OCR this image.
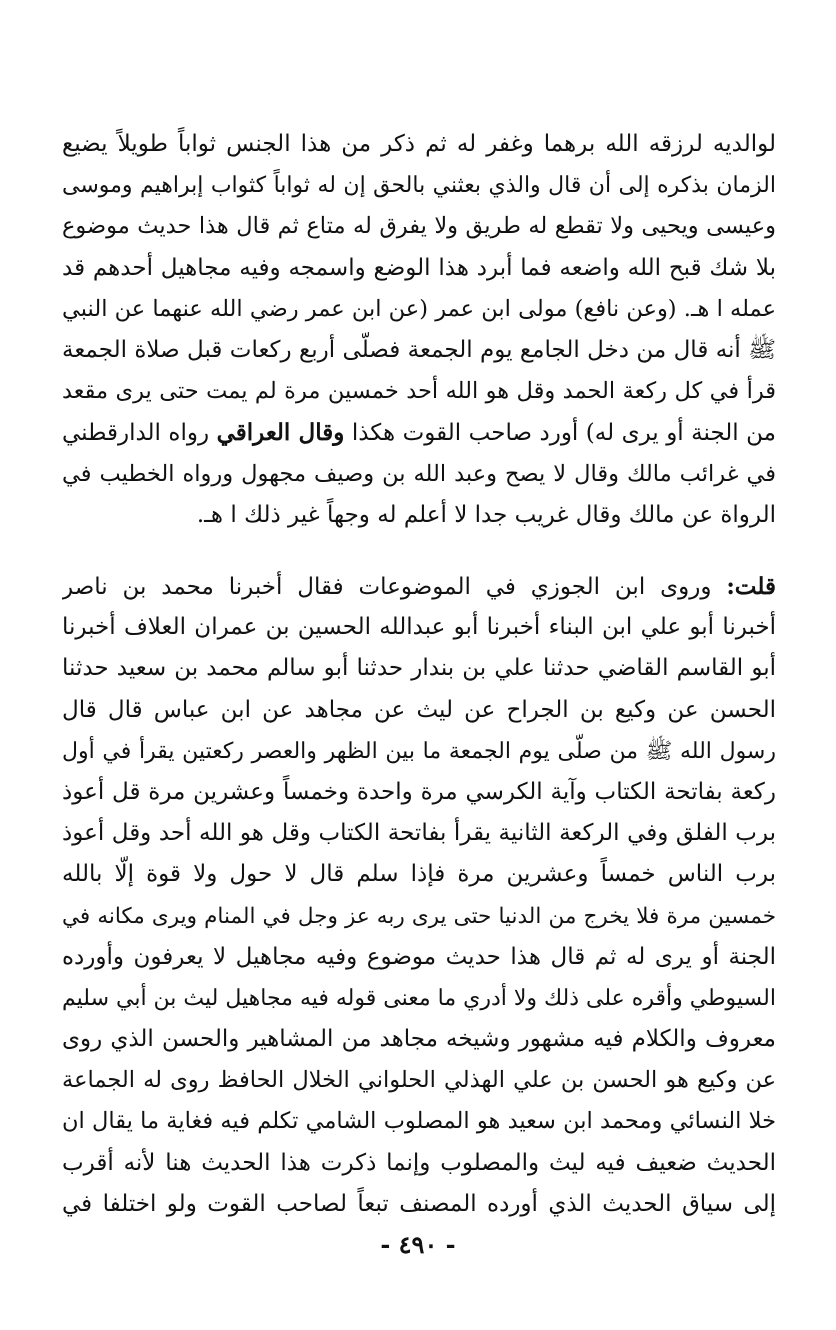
لوالديه لرزقه الله برهما وغفر له ثم ذكر من هذا الجنس ثواباً طويلاً يضيع
الزمان بذكره إلى أن قال والذي بعثني بالحق إن له ثواباً كثواب إبراهيم وموسى
وعيسى ويحيى ولا تقطع له طريق ولا يفرق له متاع ثم قال هذا حديث موضوع
بلا شك قبح الله واضعه فما أبرد هذا الوضع واسمجه وفيه مجاهيل أحدهم قد
عمله ا هـ. (وعن نافع) مولى ابن عمر (عن ابن عمر رضي الله عنهما عن النبي
ﷺ أنه قال من دخل الجامع يوم الجمعة فصلّى أربع ركعات قبل صلاة الجمعة
قرأ في كل ركعة الحمد وقل هو الله أحد خمسين مرة لم يمت حتى يرى مقعد
من الجنة أو يرى له) أورد صاحب القوت هكذا وقال العراقي رواه الدارقطني
في غرائب مالك وقال لا يصح وعبد الله بن وصيف مجهول ورواه الخطيب في
الرواة عن مالك وقال غريب جدا لا أعلم له وجهاً غير ذلك ا هـ.
قلت: وروى ابن الجوزي في الموضوعات فقال أخبرنا محمد بن ناصر
أخبرنا أبو علي ابن البناء أخبرنا أبو عبدالله الحسين بن عمران العلاف أخبرنا
أبو القاسم القاضي حدثنا علي بن بندار حدثنا أبو سالم محمد بن سعيد حدثنا
الحسن عن وكيع بن الجراح عن ليث عن مجاهد عن ابن عباس قال قال
رسول الله ﷺ من صلّى يوم الجمعة ما بين الظهر والعصر ركعتين يقرأ في أول
ركعة بفاتحة الكتاب وآية الكرسي مرة واحدة وخمساً وعشرين مرة قل أعوذ
برب الفلق وفي الركعة الثانية يقرأ بفاتحة الكتاب وقل هو الله أحد وقل أعوذ
برب الناس خمساً وعشرين مرة فإذا سلم قال لا حول ولا قوة إلّا بالله
خمسين مرة فلا يخرج من الدنيا حتى يرى ربه عز وجل في المنام ويرى مكانه في
الجنة أو يرى له ثم قال هذا حديث موضوع وفيه مجاهيل لا يعرفون وأورده
السيوطي وأقره على ذلك ولا أدري ما معنى قوله فيه مجاهيل ليث بن أبي سليم
معروف والكلام فيه مشهور وشيخه مجاهد من المشاهير والحسن الذي روى
عن وكيع هو الحسن بن علي الهذلي الحلواني الخلال الحافظ روى له الجماعة
خلا النسائي ومحمد ابن سعيد هو المصلوب الشامي تكلم فيه فغاية ما يقال ان
الحديث ضعيف فيه ليث والمصلوب وإنما ذكرت هذا الحديث هنا لأنه أقرب
إلى سياق الحديث الذي أورده المصنف تبعاً لصاحب القوت ولو اختلفا في
- ٤٩٠ -
